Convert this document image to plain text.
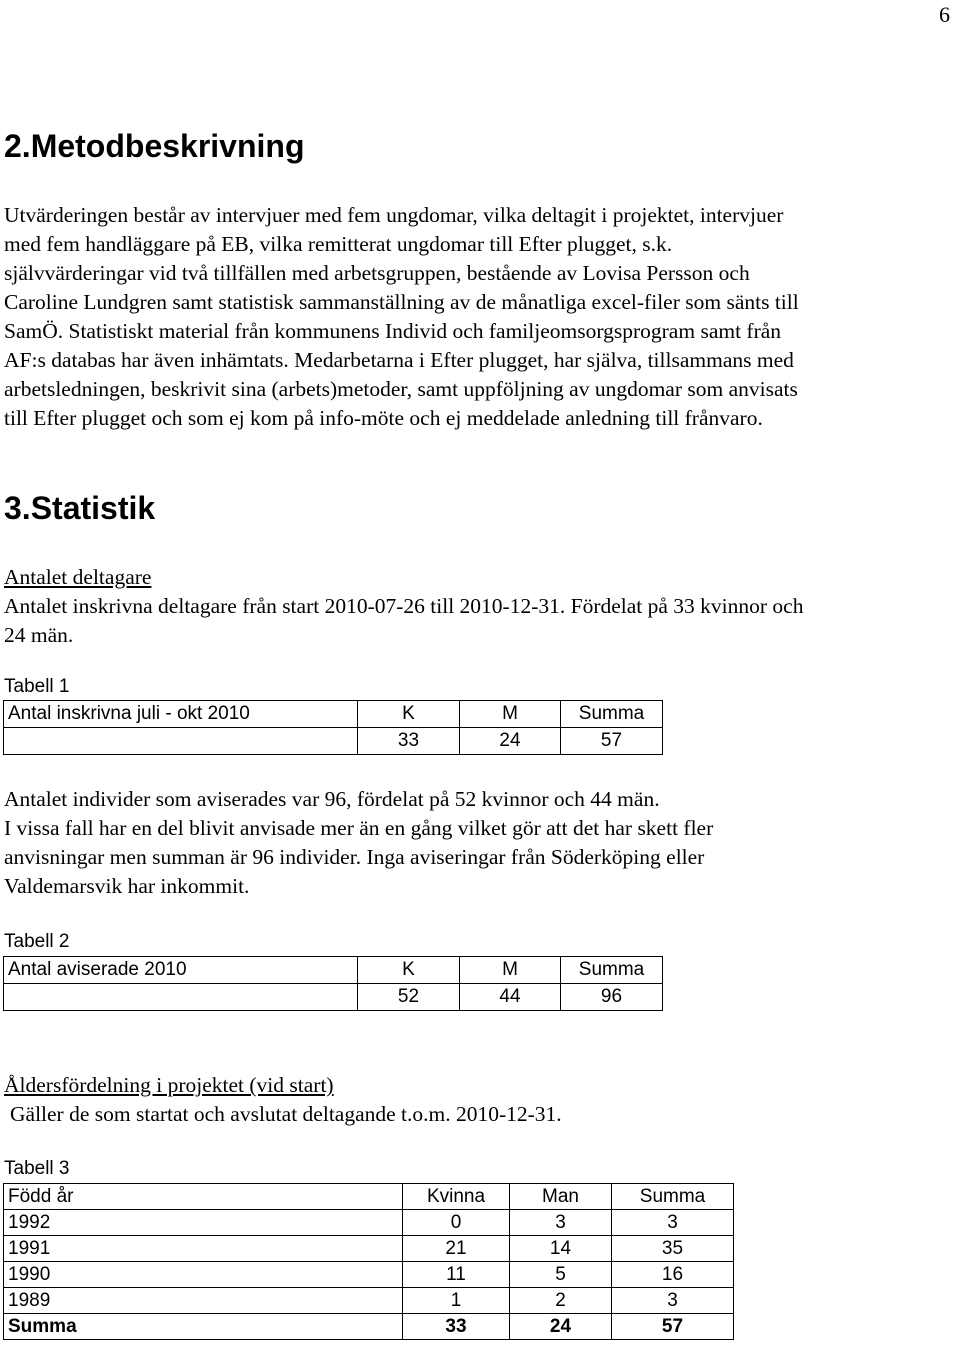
6
2.Metodbeskrivning
Utvärderingen består av intervjuer med fem ungdomar, vilka deltagit i projektet, intervjuer
med fem handläggare på EB, vilka remitterat ungdomar till Efter plugget, s.k.
självvärderingar vid två tillfällen med arbetsgruppen, bestående av Lovisa Persson och
Caroline Lundgren samt statistisk sammanställning av de månatliga excel-filer som sänts till
SamÖ. Statistiskt material från kommunens Individ och familjeomsorgsprogram samt från
AF:s databas har även inhämtats. Medarbetarna i Efter plugget, har själva, tillsammans med
arbetsledningen, beskrivit sina (arbets)metoder, samt uppföljning av ungdomar som anvisats
till Efter plugget och som ej kom på info-möte och ej meddelade anledning till frånvaro.
3.Statistik
Antalet deltagare
Antalet inskrivna deltagare från start 2010-07-26 till 2010-12-31. Fördelat på 33 kvinnor och
24 män.
Tabell 1
Antal inskrivna juli - okt 2010	K	M	Summa
	33	24	57
Antalet individer som aviserades var 96, fördelat på 52 kvinnor och 44 män.
I vissa fall har en del blivit anvisade mer än en gång vilket gör att det har skett fler
anvisningar men summan är 96 individer. Inga aviseringar från Söderköping eller
Valdemarsvik har inkommit.
Tabell 2
Antal aviserade 2010	K	M	Summa
	52	44	96
Åldersfördelning i projektet (vid start)
Gäller de som startat och avslutat deltagande t.o.m. 2010-12-31.
Tabell 3
Född år	Kvinna	Man	Summa
1992	0	3	3
1991	21	14	35
1990	11	5	16
1989	1	2	3
Summa	33	24	57
